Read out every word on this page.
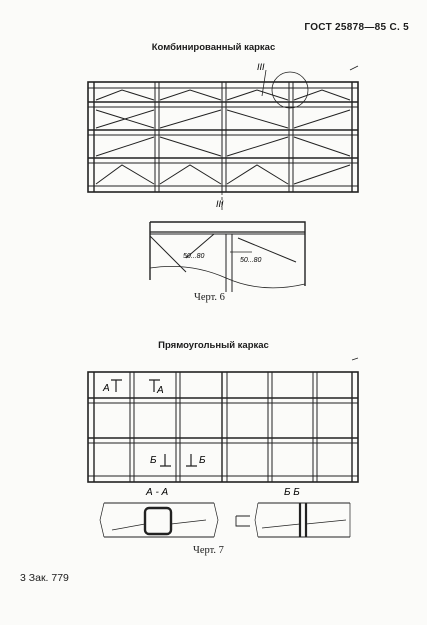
ГОСТ 25878—85 С. 5
Комбинированный каркас
Прямоугольный каркас
Черт. 6
Черт. 7
3 Зак. 779
III
III
50...80
50...80
А	А
Б	Б
А - А	Б Б
